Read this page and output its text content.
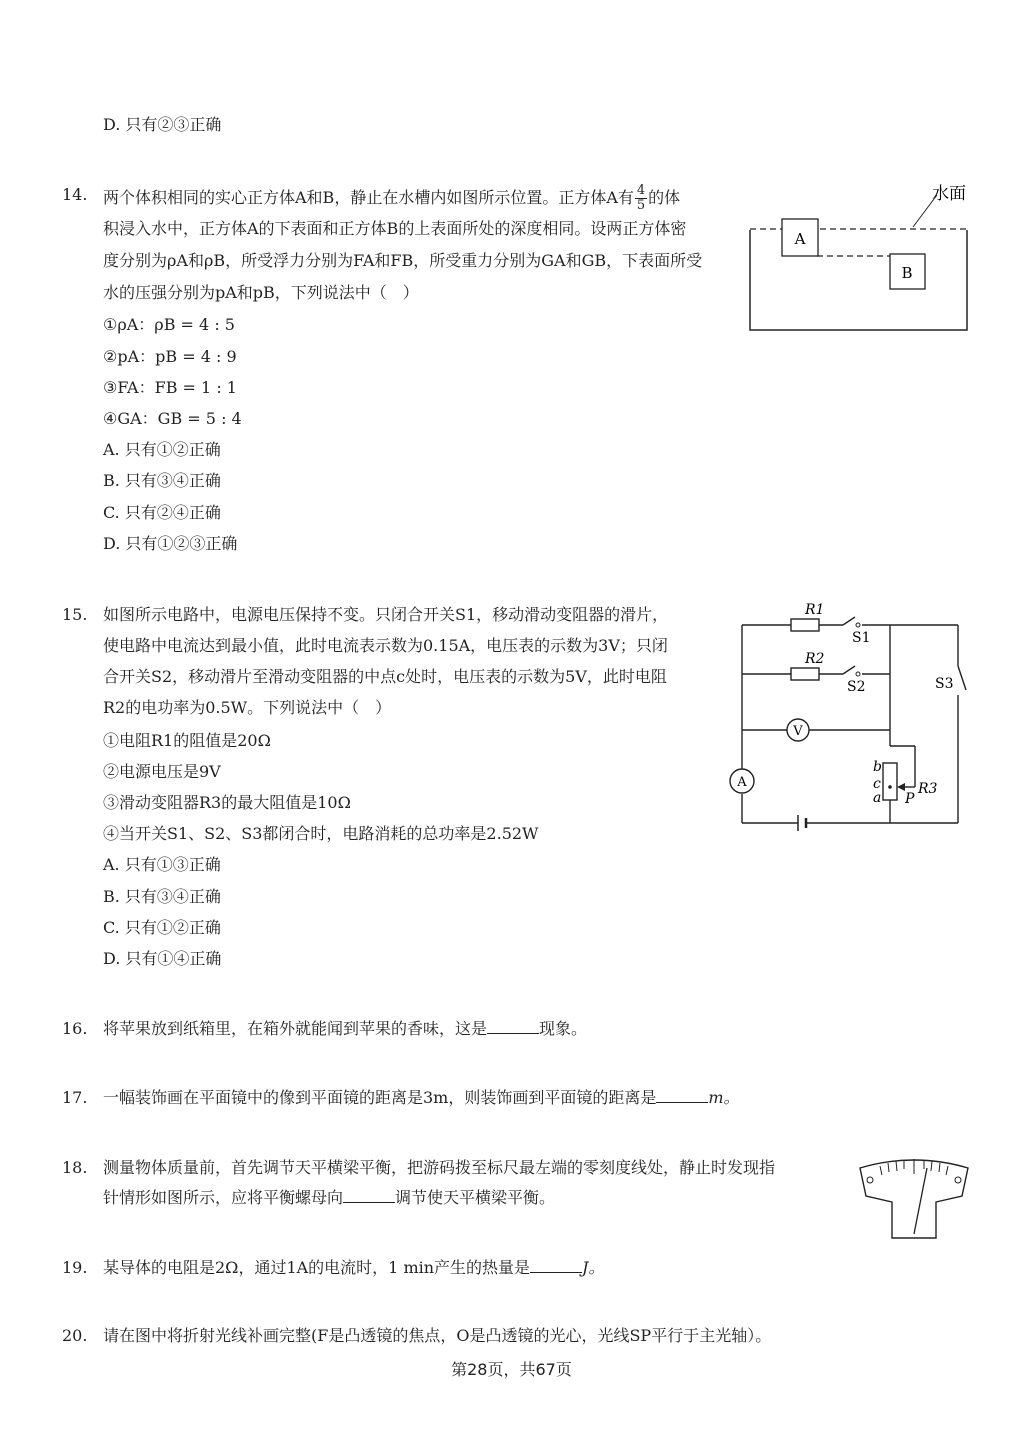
D. 只有②③正确
14. 两个体积相同的实心正方体A和B，静止在水槽内如图所示位置。正方体A有 $\frac{4}{5}$ 的体
积浸入水中，正方体A的下表面和正方体B的上表面所处的深度相同。设两正方体密
度分别为ρA和ρB，所受浮力分别为FA和FB，所受重力分别为GA和GB，下表面所受
水的压强分别为pA和pB，下列说法中（　）
①ρA：ρB = 4 : 5
②pA：pB = 4 : 9
③FA：FB = 1 : 1
④GA：GB = 5 : 4
A. 只有①②正确
B. 只有③④正确
C. 只有②④正确
D. 只有①②③正确
水面
A
B
15. 如图所示电路中，电源电压保持不变。只闭合开关S1，移动滑动变阻器的滑片，
使电路中电流达到最小值，此时电流表示数为0.15A，电压表的示数为3V；只闭
合开关S2，移动滑片至滑动变阻器的中点c处时，电压表的示数为5V，此时电阻
R2的电功率为0.5W。下列说法中（　）
①电阻R1的阻值是20Ω
②电源电压是9V
③滑动变阻器R3的最大阻值是10Ω
④当开关S1、S2、S3都闭合时，电路消耗的总功率是2.52W
A. 只有①③正确
B. 只有③④正确
C. 只有①②正确
D. 只有①④正确
R1
R2
S1
S2	S3
V
A	R3
b
c
a P
16. 将苹果放到纸箱里，在箱外就能闻到苹果的香味，这是	现象。
17. 一幅装饰画在平面镜中的像到平面镜的距离是3m，则装饰画到平面镜的距离是	m。
18. 测量物体质量前，首先调节天平横梁平衡，把游码拨至标尺最左端的零刻度线处，静止时发现指
针情形如图所示，应将平衡螺母向	调节使天平横梁平衡。
19. 某导体的电阻是2Ω，通过1A的电流时，1 min产生的热量是	J。
20. 请在图中将折射光线补画完整(F是凸透镜的焦点，O是凸透镜的光心，光线SP平行于主光轴）。
第28页，共67页
